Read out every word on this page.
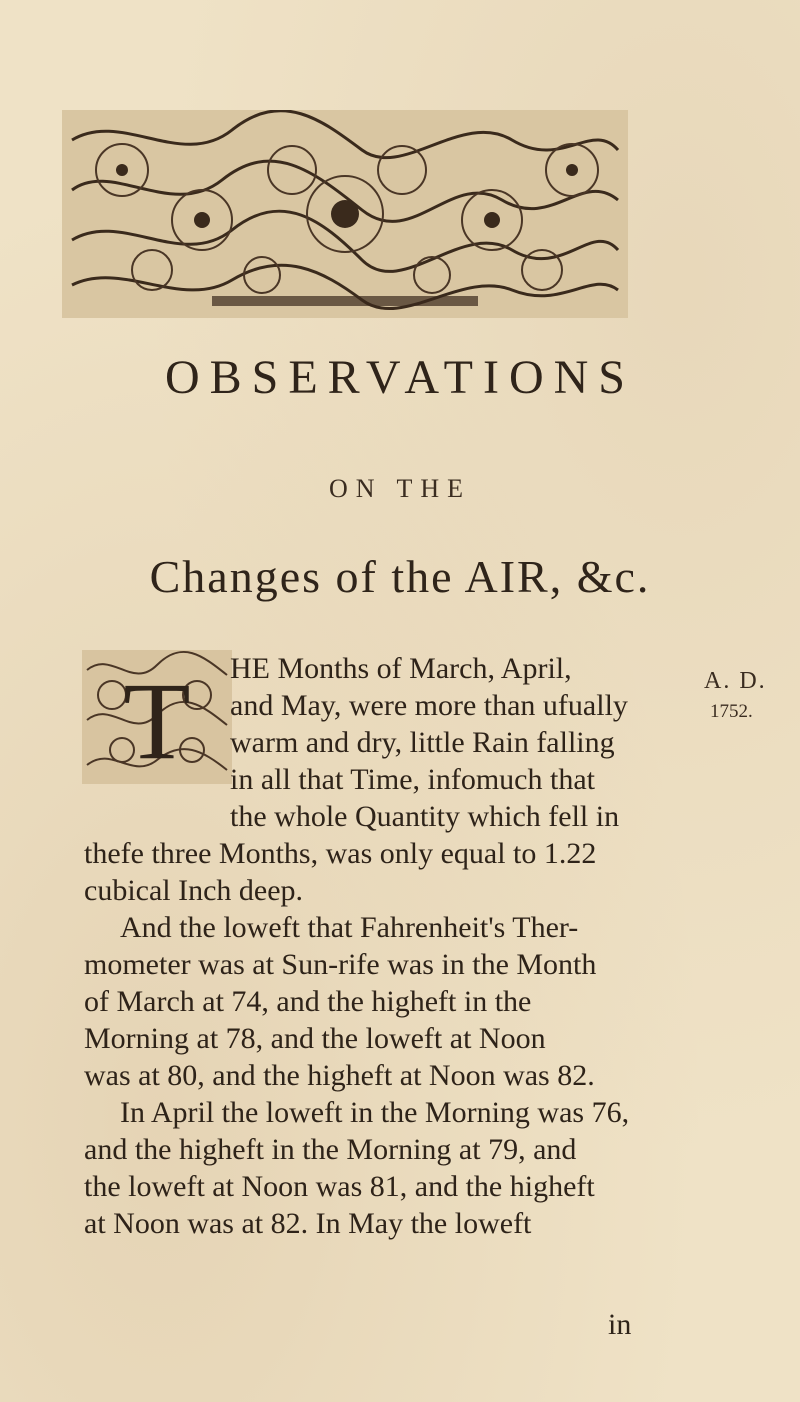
OBSERVATIONS
ON THE
Changes of the AIR, &c.
T	A. D.
1752.
HE Months of March, April,
and May, were more than ufually
warm and dry, little Rain falling
in all that Time, infomuch that
the whole Quantity which fell in
thefe three Months, was only equal to 1.22
cubical Inch deep.
And the loweft that Fahrenheit's Ther-
mometer was at Sun-rife was in the Month
of March at 74, and the higheft in the
Morning at 78, and the loweft at Noon
was at 80, and the higheft at Noon was 82.
In April the loweft in the Morning was 76,
and the higheft in the Morning at 79, and
the loweft at Noon was 81, and the higheft
at Noon was at 82. In May the loweft
in
